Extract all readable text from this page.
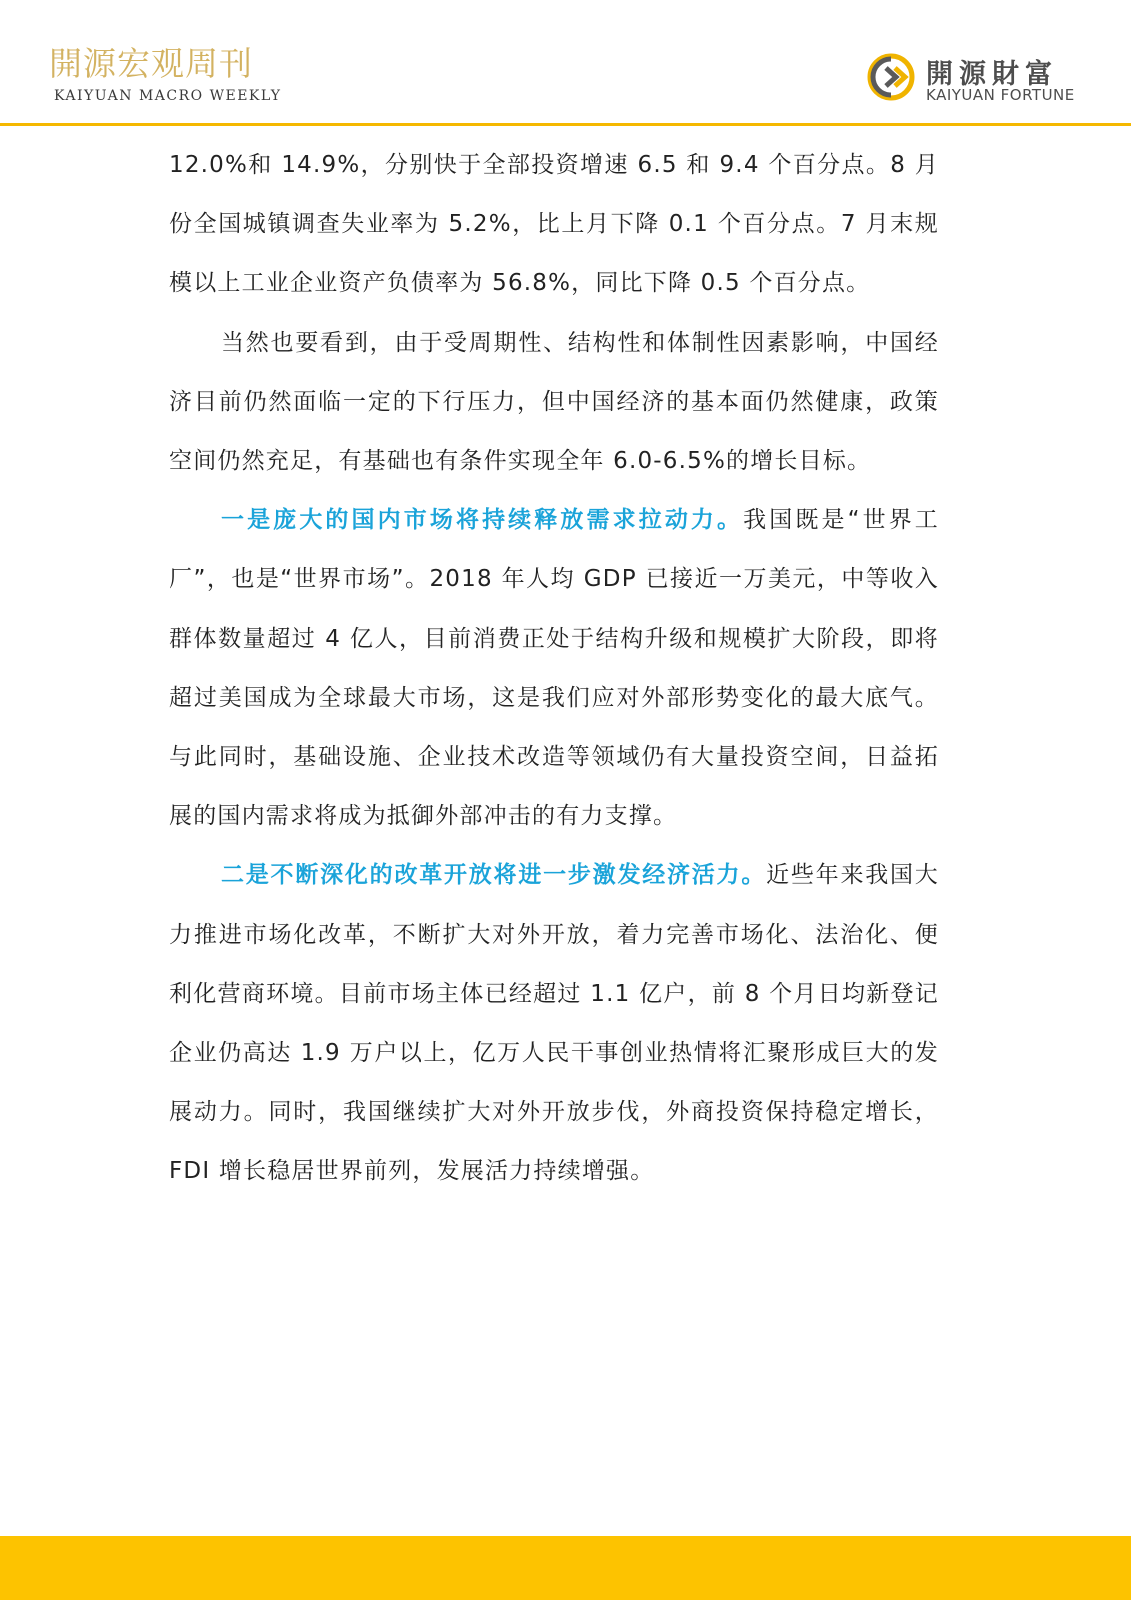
開源宏观周刊
KAIYUAN MACRO WEEKLY
開源財富
KAIYUAN FORTUNE

12.0%和 14.9%，分别快于全部投资增速 6.5 和 9.4 个百分点。8 月份全国城镇调查失业率为 5.2%，比上月下降 0.1 个百分点。7 月末规模以上工业企业资产负债率为 56.8%，同比下降 0.5 个百分点。

当然也要看到，由于受周期性、结构性和体制性因素影响，中国经济目前仍然面临一定的下行压力，但中国经济的基本面仍然健康，政策空间仍然充足，有基础也有条件实现全年 6.0-6.5%的增长目标。

一是庞大的国内市场将持续释放需求拉动力。我国既是“世界工厂”，也是“世界市场”。2018 年人均 GDP 已接近一万美元，中等收入群体数量超过 4 亿人，目前消费正处于结构升级和规模扩大阶段，即将超过美国成为全球最大市场，这是我们应对外部形势变化的最大底气。与此同时，基础设施、企业技术改造等领域仍有大量投资空间，日益拓展的国内需求将成为抵御外部冲击的有力支撑。

二是不断深化的改革开放将进一步激发经济活力。近些年来我国大力推进市场化改革，不断扩大对外开放，着力完善市场化、法治化、便利化营商环境。目前市场主体已经超过 1.1 亿户，前 8 个月日均新登记企业仍高达 1.9 万户以上，亿万人民干事创业热情将汇聚形成巨大的发展动力。同时，我国继续扩大对外开放步伐，外商投资保持稳定增长，FDI 增长稳居世界前列，发展活力持续增强。
